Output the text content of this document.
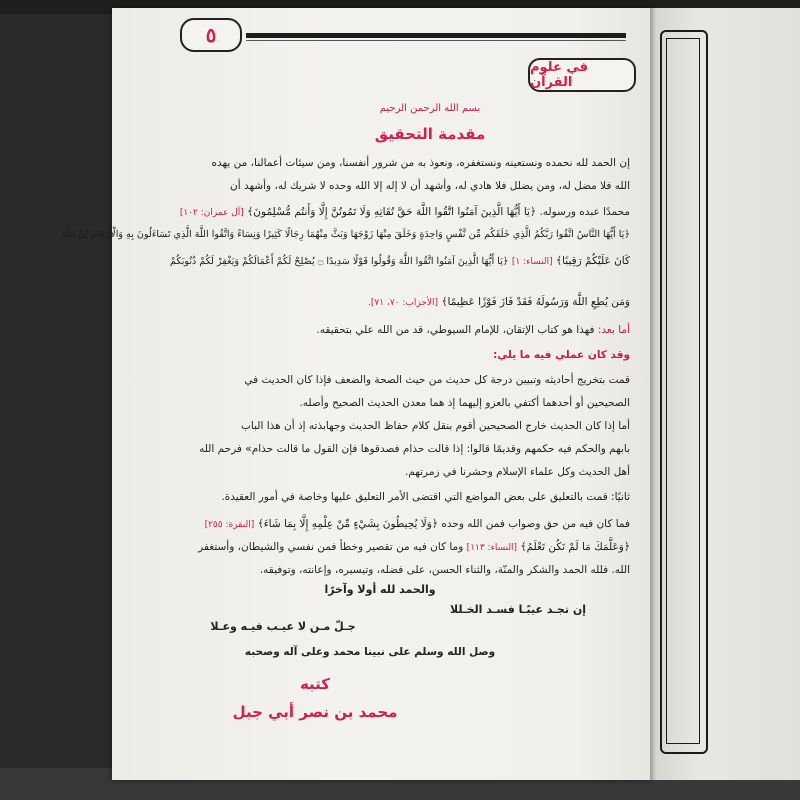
٥
في علوم القرآن
بسم الله الرحمن الرحيم
مقدمة التحقيق
إن الحمد لله نحمده ونستعينه ونستغفره، ونعوذ به من شرور أنفسنا، ومن سيئات أعمالنا، من يهده
الله فلا مضل له، ومن يضلل فلا هادي له، وأشهد أن لا إله إلا الله وحده لا شريك له، وأشهد أن
محمدًا عبده ورسوله. ﴿يَا أَيُّهَا الَّذِينَ آمَنُوا اتَّقُوا اللَّهَ حَقَّ تُقَاتِهِ وَلَا تَمُوتُنَّ إِلَّا وَأَنتُم مُّسْلِمُونَ﴾ [آل عمران: ١٠٢]
﴿يَا أَيُّهَا النَّاسُ اتَّقُوا رَبَّكُمُ الَّذِي خَلَقَكُم مِّن نَّفْسٍ وَاحِدَةٍ وَخَلَقَ مِنْهَا زَوْجَهَا وَبَثَّ مِنْهُمَا رِجَالًا كَثِيرًا وَنِسَاءً وَاتَّقُوا اللَّهَ الَّذِي تَسَاءَلُونَ بِهِ وَالْأَرْحَامَ إِنَّ اللَّهَ
كَانَ عَلَيْكُمْ رَقِيبًا﴾ [النساء: ١] ﴿يَا أَيُّهَا الَّذِينَ آمَنُوا اتَّقُوا اللَّهَ وَقُولُوا قَوْلًا سَدِيدًا ۝ يُصْلِحْ لَكُمْ أَعْمَالَكُمْ وَيَغْفِرْ لَكُمْ ذُنُوبَكُمْ
وَمَن يُطِعِ اللَّهَ وَرَسُولَهُ فَقَدْ فَازَ فَوْزًا عَظِيمًا﴾ [الأحزاب: ٧٠، ٧١].
أما بعد: فهذا هو كتاب الإتقان، للإمام السيوطي، قد من الله علي بتحقيقه.
وقد كان عملي فيه ما يلي:
قمت بتخريج أحاديثه وتبيين درجة كل حديث من حيث الصحة والضعف فإذا كان الحديث في
الصحيحين أو أحدهما أكتفي بالعزو إليهما إذ هما معدن الحديث الصحيح وأصله.
أما إذا كان الحديث خارج الصحيحين أقوم بنقل كلام حفاظ الحديث وجهابذته إذ أن هذا الباب
بابهم والحكم فيه حكمهم وقديمًا قالوا: إذا قالت حذام فصدقوها فإن القول ما قالت حذام» فرحم الله
أهل الحديث وكل علماء الإسلام وحشرنا في زمرتهم.
ثانيًا: قمت بالتعليق على بعض المواضع التي اقتضى الأمر التعليق عليها وخاصة في أمور العقيدة.
فما كان فيه من حق وصواب فمن الله وحده ﴿وَلَا يُحِيطُونَ بِشَيْءٍ مِّنْ عِلْمِهِ إِلَّا بِمَا شَاءَ﴾ [البقرة: ٢٥٥]
﴿وَعَلَّمَكَ مَا لَمْ تَكُن تَعْلَمُ﴾ [النساء: ١١٣] وما كان فيه من تقصير وخطأ فمن نفسي والشيطان، وأستغفر
الله. فلله الحمد والشكر والمنّة، والثناء الحسن، على فضله، وتيسيره، وإعانته، وتوفيقه.
والحمد لله أولا وآخرًا
إن تجـد عيبًـا فسـد الخـللا
جـلّ مـن لا عيـب فيـه وعـلا
وصل الله وسلم على نبينا محمد وعلى آله وصحبه
كتبه
محمد بن نصر أبي جبل
